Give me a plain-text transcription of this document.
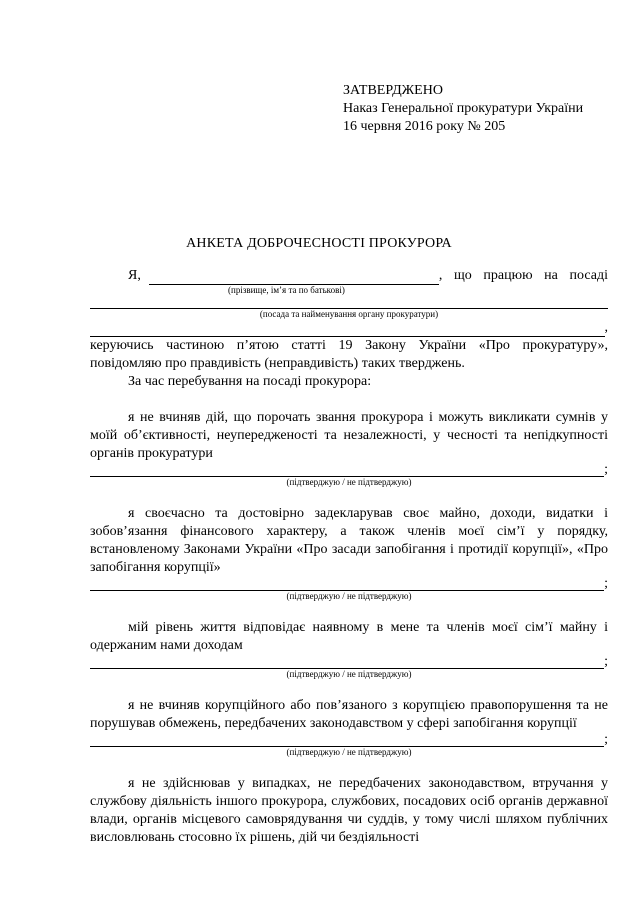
ЗАТВЕРДЖЕНО
Наказ Генеральної прокуратури України
16 червня 2016 року № 205
АНКЕТА ДОБРОЧЕСНОСТІ ПРОКУРОРА
Я,	, що працюю на посаді
(прізвище, ім’я та по батькові)
(посада та найменування органу прокуратури)
,

керуючись частиною п’ятою статті 19 Закону України «Про прокуратуру», повідомляю про правдивість (неправдивість) таких тверджень.

За час перебування на посаді прокурора:

я не вчиняв дій, що порочать звання прокурора і можуть викликати сумнів у моїй об’єктивності, неупередженості та незалежності, у чесності та непідкупності органів прокуратури

;
(підтверджую / не підтверджую)

я своєчасно та достовірно задекларував своє майно, доходи, видатки і зобов’язання фінансового характеру, а також членів моєї сім’ї у порядку, встановленому Законами України «Про засади запобігання і протидії корупції», «Про запобігання корупції»

;
(підтверджую / не підтверджую)

мій рівень життя відповідає наявному в мене та членів моєї сім’ї майну і одержаним нами доходам

;
(підтверджую / не підтверджую)

я не вчиняв корупційного або пов’язаного з корупцією правопорушення та не порушував обмежень, передбачених законодавством у сфері запобігання корупції

;
(підтверджую / не підтверджую)

я не здійснював у випадках, не передбачених законодавством, втручання у службову діяльність іншого прокурора, службових, посадових осіб органів державної влади, органів місцевого самоврядування чи суддів, у тому числі шляхом публічних висловлювань стосовно їх рішень, дій чи бездіяльності
